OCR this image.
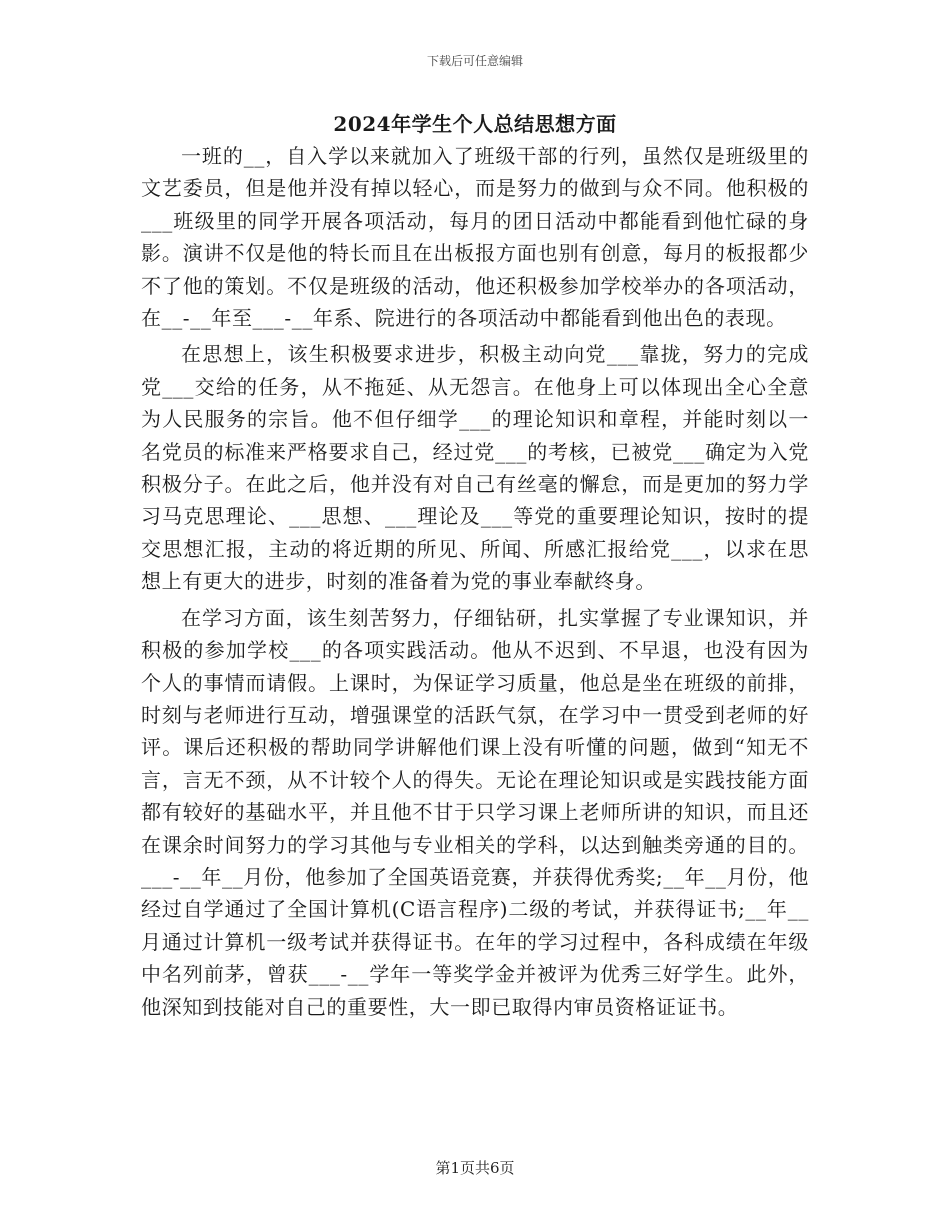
下载后可任意编辑
2024年学生个人总结思想方面

一班的__，自入学以来就加入了班级干部的行列，虽然仅是班级里的文艺委员，但是他并没有掉以轻心，而是努力的做到与众不同。他积极的___班级里的同学开展各项活动，每月的团日活动中都能看到他忙碌的身影。演讲不仅是他的特长而且在出板报方面也别有创意，每月的板报都少不了他的策划。不仅是班级的活动，他还积极参加学校举办的各项活动，在__-__年至___-__年系、院进行的各项活动中都能看到他出色的表现。

在思想上，该生积极要求进步，积极主动向党___靠拢，努力的完成党___交给的任务，从不拖延、从无怨言。在他身上可以体现出全心全意为人民服务的宗旨。他不但仔细学___的理论知识和章程，并能时刻以一名党员的标准来严格要求自己，经过党___的考核，已被党___确定为入党积极分子。在此之后，他并没有对自己有丝毫的懈怠，而是更加的努力学习马克思理论、___思想、___理论及___等党的重要理论知识，按时的提交思想汇报，主动的将近期的所见、所闻、所感汇报给党___，以求在思想上有更大的进步，时刻的准备着为党的事业奉献终身。

在学习方面，该生刻苦努力，仔细钻研，扎实掌握了专业课知识，并积极的参加学校___的各项实践活动。他从不迟到、不早退，也没有因为个人的事情而请假。上课时，为保证学习质量，他总是坐在班级的前排，时刻与老师进行互动，增强课堂的活跃气氛，在学习中一贯受到老师的好评。课后还积极的帮助同学讲解他们课上没有听懂的问题，做到“知无不言，言无不颈，从不计较个人的得失。无论在理论知识或是实践技能方面都有较好的基础水平，并且他不甘于只学习课上老师所讲的知识，而且还在课余时间努力的学习其他与专业相关的学科，以达到触类旁通的目的。___-__年__月份，他参加了全国英语竞赛，并获得优秀奖;__年__月份，他经过自学通过了全国计算机(C语言程序)二级的考试，并获得证书;__年__月通过计算机一级考试并获得证书。在年的学习过程中，各科成绩在年级中名列前茅，曾获___-__学年一等奖学金并被评为优秀三好学生。此外，他深知到技能对自己的重要性，大一即已取得内审员资格证证书。

第1页共6页
